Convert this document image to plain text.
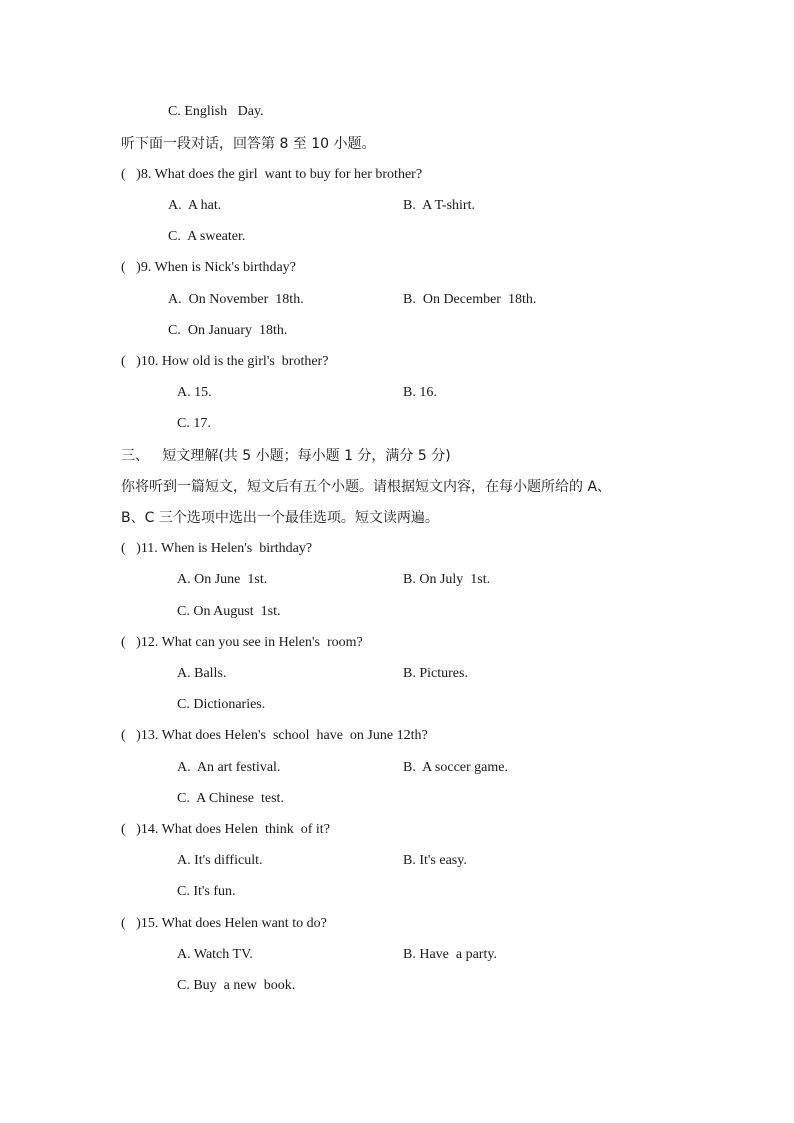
C. English   Day.
听下面一段对话，回答第 8 至 10 小题。
(   )8. What does the girl  want to buy for her brother?
A.  A hat.	B.  A T-shirt.
C.  A sweater.
(   )9. When is Nick's birthday?
A.  On November  18th.	B.  On December  18th.
C.  On January  18th.
(   )10. How old is the girl's  brother?
A. 15.	B. 16.
C. 17.
三、   短文理解(共 5 小题；每小题 1 分，满分 5 分)
你将听到一篇短文，短文后有五个小题。请根据短文内容，在每小题所给的 A、
B、C 三个选项中选出一个最佳选项。短文读两遍。
(   )11. When is Helen's  birthday?
A. On June  1st.	B. On July  1st.
C. On August  1st.
(   )12. What can you see in Helen's  room?
A. Balls.	B. Pictures.
C. Dictionaries.
(   )13. What does Helen's  school  have  on June 12th?
A.  An art festival.	B.  A soccer game.
C.  A Chinese  test.
(   )14. What does Helen  think  of it?
A. It's difficult.	B. It's easy.
C. It's fun.
(   )15. What does Helen want to do?
A. Watch TV.	B. Have  a party.
C. Buy  a new  book.
